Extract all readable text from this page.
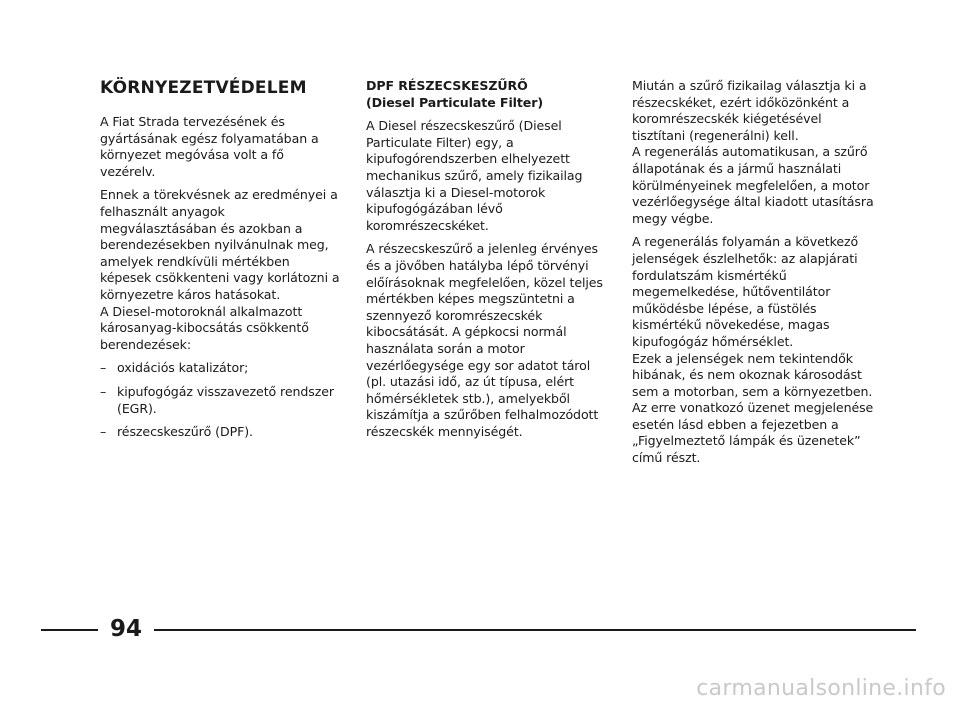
KÖRNYEZETVÉDELEM

A Fiat Strada tervezésének és gyártásának egész folyamatában a környezet megóvása volt a fő vezérelv.

Ennek a törekvésnek az eredményei a felhasznált anyagok megválasztásában és azokban a berendezésekben nyilvánulnak meg, amelyek rendkívüli mértékben képesek csökkenteni vagy korlátozni a környezetre káros hatásokat.
A Diesel-motoroknál alkalmazott károsanyag-kibocsátás csökkentő berendezések:

– oxidációs katalizátor;
– kipufogógáz visszavezető rendszer (EGR).
– részecskeszűrő (DPF).
DPF RÉSZECSKESZŰRŐ
(Diesel Particulate Filter)

A Diesel részecskeszűrő (Diesel Particulate Filter) egy, a kipufogórendszerben elhelyezett mechanikus szűrő, amely fizikailag választja ki a Diesel-motorok kipufogógázában lévő koromrészecskéket.

A részecskeszűrő a jelenleg érvényes és a jövőben hatályba lépő törvényi előírásoknak megfelelően, közel teljes mértékben képes megszüntetni a szennyező koromrészecskék kibocsátását. A gépkocsi normál használata során a motor vezérlőegysége egy sor adatot tárol (pl. utazási idő, az út típusa, elért hőmérsékletek stb.), amelyekből kiszámítja a szűrőben felhalmozódott részecskék mennyiségét.

Miután a szűrő fizikailag választja ki a részecskéket, ezért időközönként a koromrészecskék kiégetésével tisztítani (regenerálni) kell.
A regenerálás automatikusan, a szűrő állapotának és a jármű használati körülményeinek megfelelően, a motor vezérlőegysége által kiadott utasításra megy végbe.

A regenerálás folyamán a következő jelenségek észlelhetők: az alapjárati fordulatszám kismértékű megemelkedése, hűtőventilátor működésbe lépése, a füstölés kismértékű növekedése, magas kipufogógáz hőmérséklet.
Ezek a jelenségek nem tekintendők hibának, és nem okoznak károsodást sem a motorban, sem a környezetben. Az erre vonatkozó üzenet megjelenése esetén lásd ebben a fejezetben a „Figyelmeztető lámpák és üzenetek” című részt.

94
carmanualsonline.info
